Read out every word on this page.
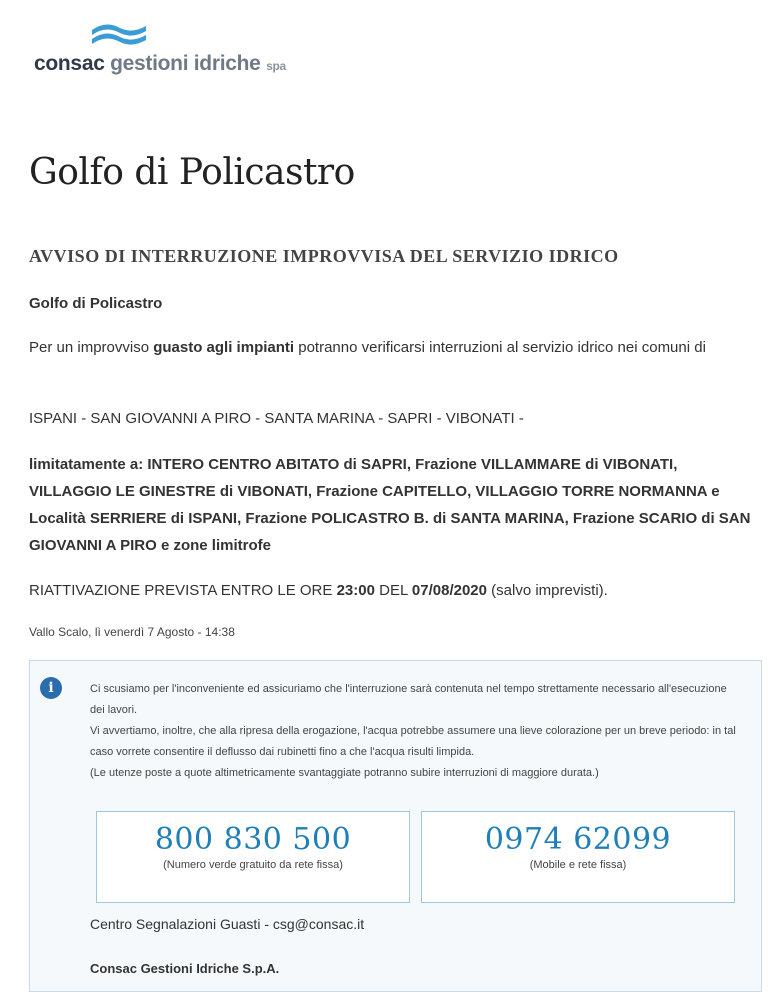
consac gestioni idriche spa
Golfo di Policastro
AVVISO DI INTERRUZIONE IMPROVVISA DEL SERVIZIO IDRICO

Golfo di Policastro

Per un improvviso guasto agli impianti potranno verificarsi interruzioni al servizio idrico nei comuni di

ISPANI - SAN GIOVANNI A PIRO - SANTA MARINA - SAPRI - VIBONATI -

limitatamente a: INTERO CENTRO ABITATO di SAPRI, Frazione VILLAMMARE di VIBONATI, VILLAGGIO LE GINESTRE di VIBONATI, Frazione CAPITELLO, VILLAGGIO TORRE NORMANNA e Località SERRIERE di ISPANI, Frazione POLICASTRO B. di SANTA MARINA, Frazione SCARIO di SAN GIOVANNI A PIRO e zone limitrofe

RIATTIVAZIONE PREVISTA ENTRO LE ORE 23:00 DEL 07/08/2020 (salvo imprevisti).

Vallo Scalo, lì venerdì 7 Agosto - 14:38
i	Ci scusiamo per l'inconveniente ed assicuriamo che l'interruzione sarà contenuta nel tempo strettamente necessario all'esecuzione dei lavori.

Vi avvertiamo, inoltre, che alla ripresa della erogazione, l'acqua potrebbe assumere una lieve colorazione per un breve periodo: in tal caso vorrete consentire il deflusso dai rubinetti fino a che l'acqua risulti limpida.

(Le utenze poste a quote altimetricamente svantaggiate potranno subire interruzioni di maggiore durata.)

800 830 500
(Numero verde gratuito da rete fissa)
0974 62099
(Mobile e rete fissa)
Centro Segnalazioni Guasti - csg@consac.it
Consac Gestioni Idriche S.p.A.
